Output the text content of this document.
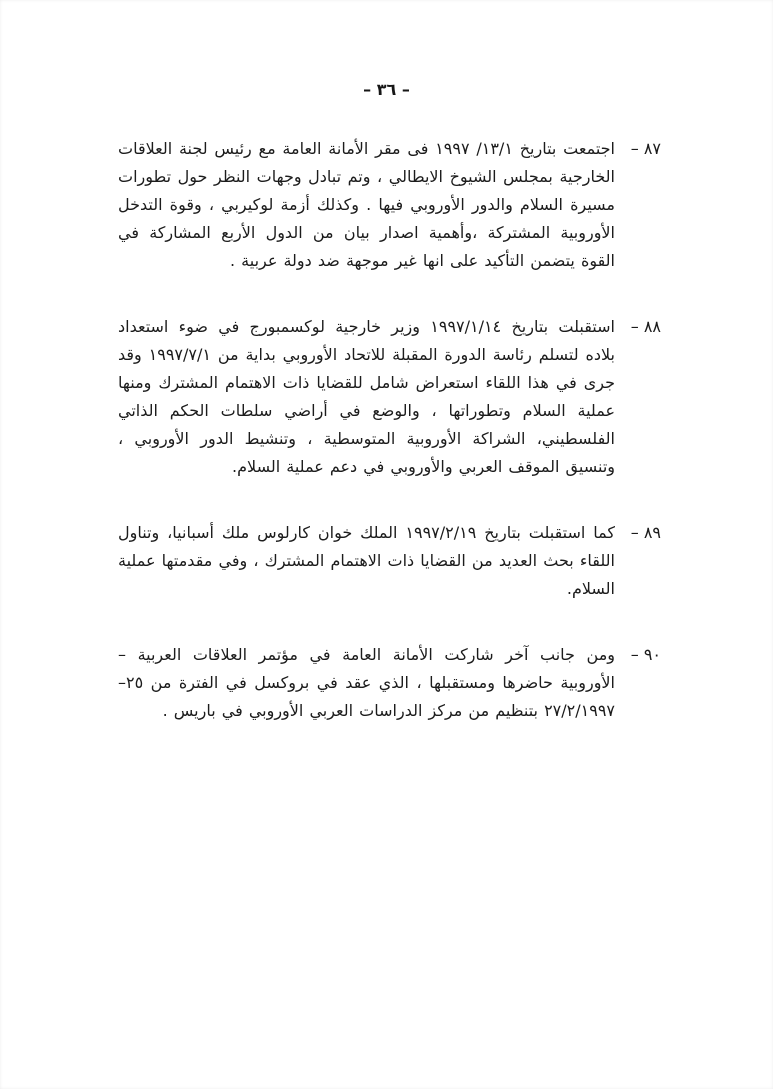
– ٣٦ –
٨٧ –
اجتمعت بتاريخ ١٣/١/ ١٩٩٧ فى مقر الأمانة العامة مع رئيس لجنة العلاقات الخارجية بمجلس الشيوخ الايطالي ، وتم تبادل وجهات النظر حول تطورات مسيرة السلام والدور الأوروبي فيها . وكذلك أزمة لوكيربي ، وقوة التدخل الأوروبية المشتركة ،وأهمية اصدار بيان من الدول الأربع المشاركة في القوة يتضمن التأكيد على انها غير موجهة ضد دولة عربية .
٨٨ –
استقبلت بتاريخ ١٩٩٧/١/١٤ وزير خارجية لوكسمبورج في ضوء استعداد بلاده لتسلم رئاسة الدورة المقبلة للاتحاد الأوروبي بداية من ١٩٩٧/٧/١ وقد جرى في هذا اللقاء استعراض شامل للقضايا ذات الاهتمام المشترك ومنها عملية السلام وتطوراتها ، والوضع في أراضي سلطات الحكم الذاتي الفلسطيني، الشراكة الأوروبية المتوسطية ، وتنشيط الدور الأوروبي ، وتنسيق الموقف العربي والأوروبي في دعم عملية السلام.
٨٩ –
كما استقبلت بتاريخ ١٩٩٧/٢/١٩ الملك خوان كارلوس ملك أسبانيا، وتناول اللقاء بحث العديد من القضايا ذات الاهتمام المشترك ، وفي مقدمتها عملية السلام.
٩٠ –
ومن جانب آخر شاركت الأمانة العامة في مؤتمر العلاقات العربية – الأوروبية حاضرها ومستقبلها ، الذي عقد في بروكسل في الفترة من ٢٥–٢٧/٢/١٩٩٧ بتنظيم من مركز الدراسات العربي الأوروبي في باريس .
